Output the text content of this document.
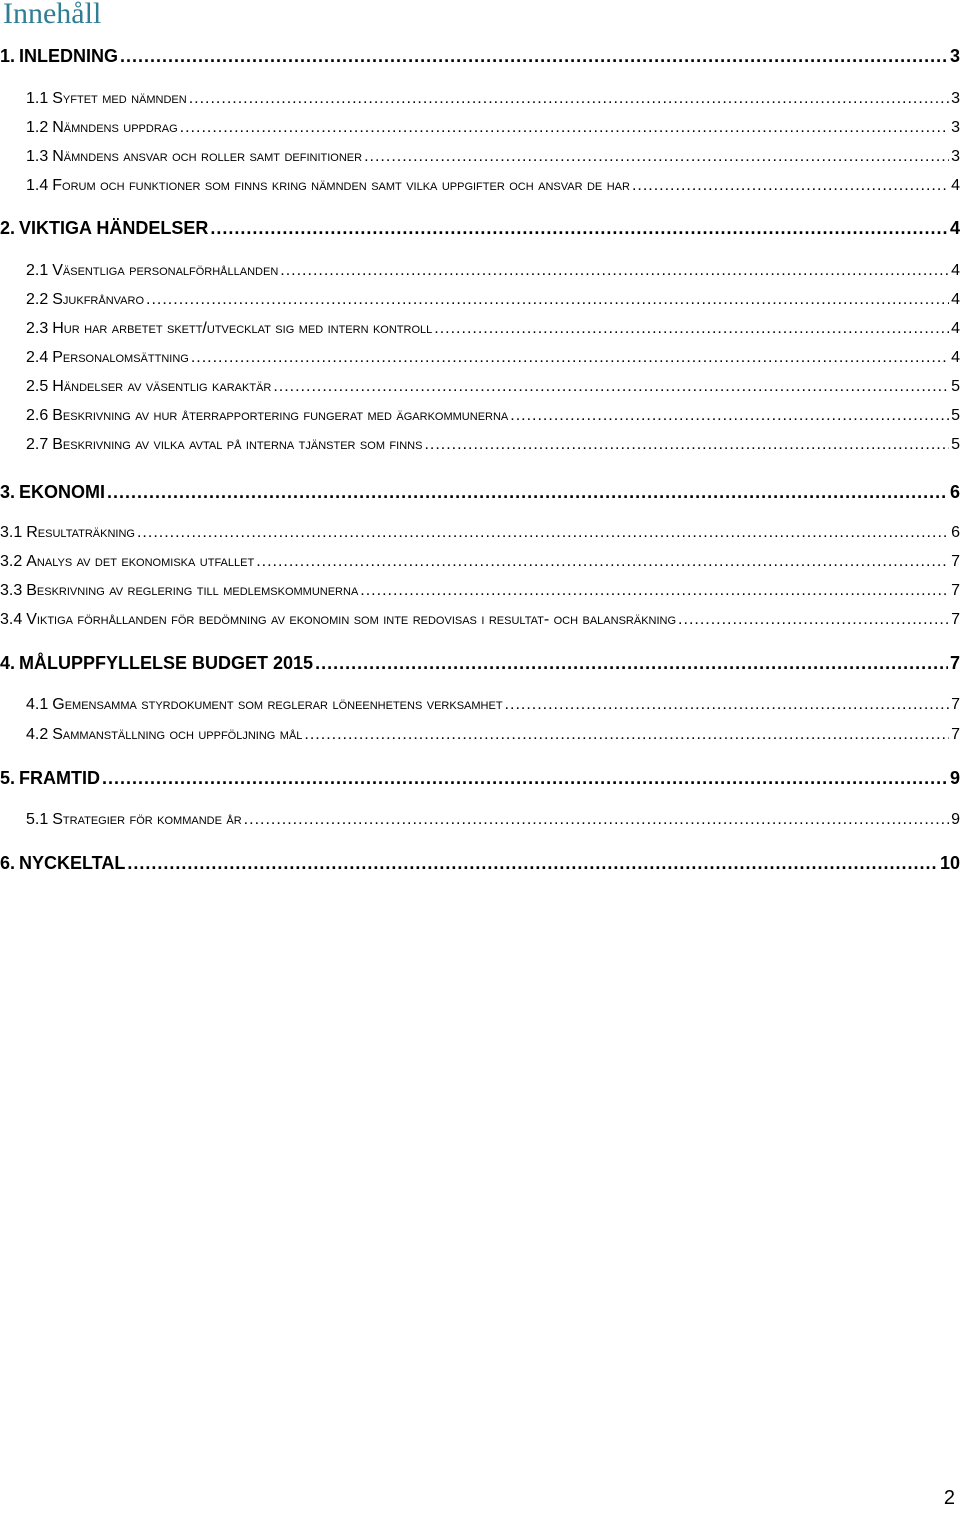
Innehåll
1. INLEDNING .....	3
1.1 Syftet med nämnden .....	3
1.2 Nämndens uppdrag .....	3
1.3 Nämndens ansvar och roller samt definitioner .....	3
1.4 Forum och funktioner som finns kring nämnden samt vilka uppgifter och ansvar de har .....	4
2. VIKTIGA HÄNDELSER .....	4
2.1 Väsentliga personalförhållanden .....	4
2.2 Sjukfrånvaro .....	4
2.3 Hur har arbetet skett/utvecklat sig med intern kontroll .....	4
2.4 Personalomsättning .....	4
2.5 Händelser av väsentlig karaktär .....	5
2.6 Beskrivning av hur återrapportering fungerat med ägarkommunerna .....	5
2.7 Beskrivning av vilka avtal på interna tjänster som finns .....	5
3. EKONOMI .....	6
3.1 Resultaträkning .....	6
3.2 Analys av det ekonomiska utfallet .....	7
3.3 Beskrivning av reglering till medlemskommunerna .....	7
3.4 Viktiga förhållanden för bedömning av ekonomin som inte redovisas i resultat- och balansräkning .....	7
4. MÅLUPPFYLLELSE BUDGET 2015 .....	7
4.1 Gemensamma styrdokument som reglerar löneenhetens verksamhet .....	7
4.2 Sammanställning och uppföljning mål .....	7
5. FRAMTID .....	9
5.1 Strategier för kommande år .....	9
6. NYCKELTAL .....	10
2
